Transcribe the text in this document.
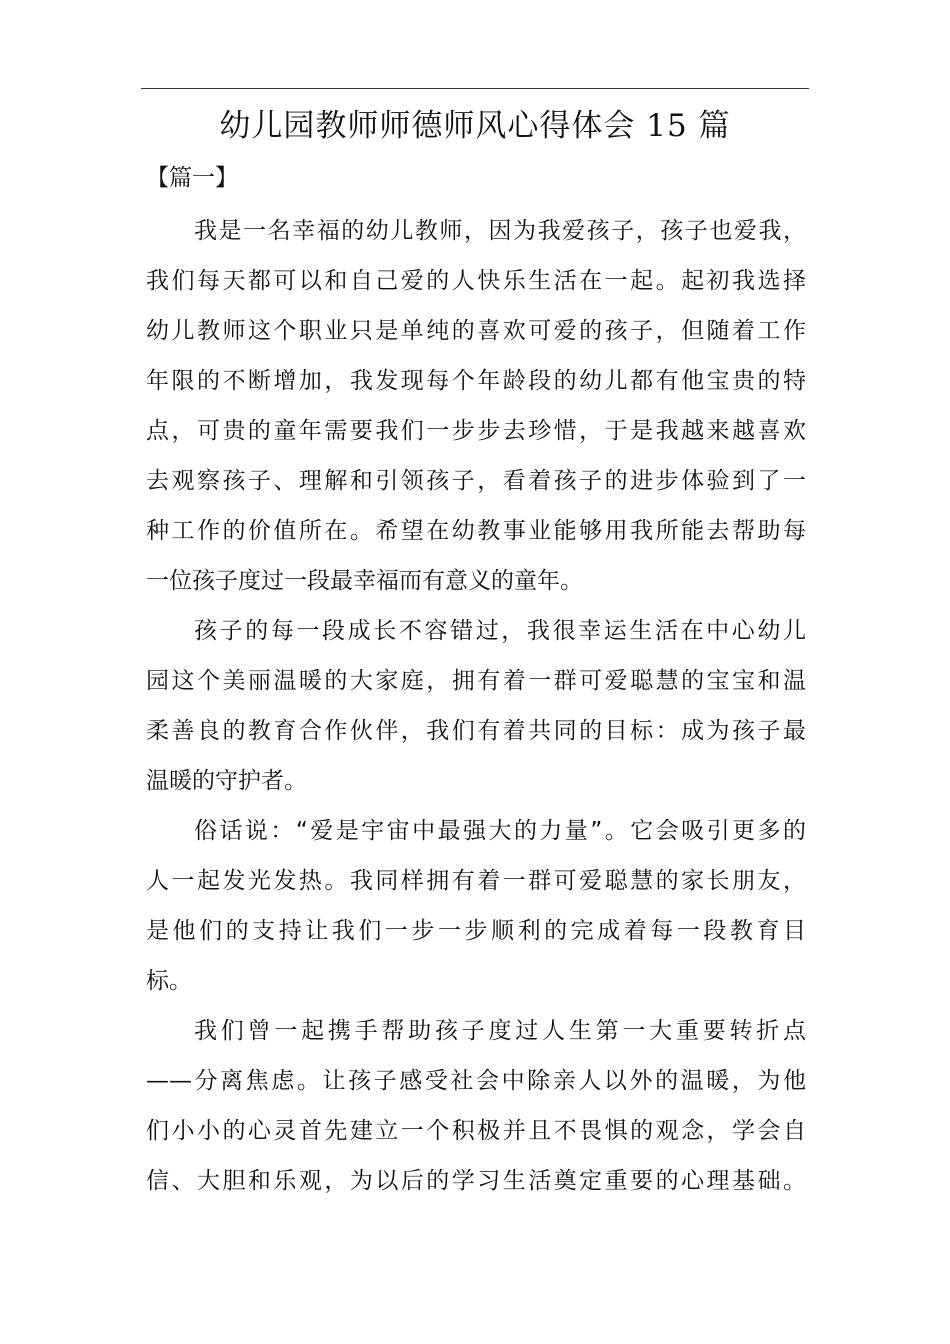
幼儿园教师师德师风心得体会 15 篇
【篇一】

我是一名幸福的幼儿教师，因为我爱孩子，孩子也爱我，
我们每天都可以和自己爱的人快乐生活在一起。起初我选择
幼儿教师这个职业只是单纯的喜欢可爱的孩子，但随着工作
年限的不断增加，我发现每个年龄段的幼儿都有他宝贵的特
点，可贵的童年需要我们一步步去珍惜，于是我越来越喜欢
去观察孩子、理解和引领孩子，看着孩子的进步体验到了一
种工作的价值所在。希望在幼教事业能够用我所能去帮助每
一位孩子度过一段最幸福而有意义的童年。

孩子的每一段成长不容错过，我很幸运生活在中心幼儿
园这个美丽温暖的大家庭，拥有着一群可爱聪慧的宝宝和温
柔善良的教育合作伙伴，我们有着共同的目标：成为孩子最
温暖的守护者。

俗话说：“爱是宇宙中最强大的力量”。它会吸引更多的
人一起发光发热。我同样拥有着一群可爱聪慧的家长朋友，
是他们的支持让我们一步一步顺利的完成着每一段教育目
标。

我们曾一起携手帮助孩子度过人生第一大重要转折点
——分离焦虑。让孩子感受社会中除亲人以外的温暖，为他
们小小的心灵首先建立一个积极并且不畏惧的观念，学会自
信、大胆和乐观，为以后的学习生活奠定重要的心理基础。
